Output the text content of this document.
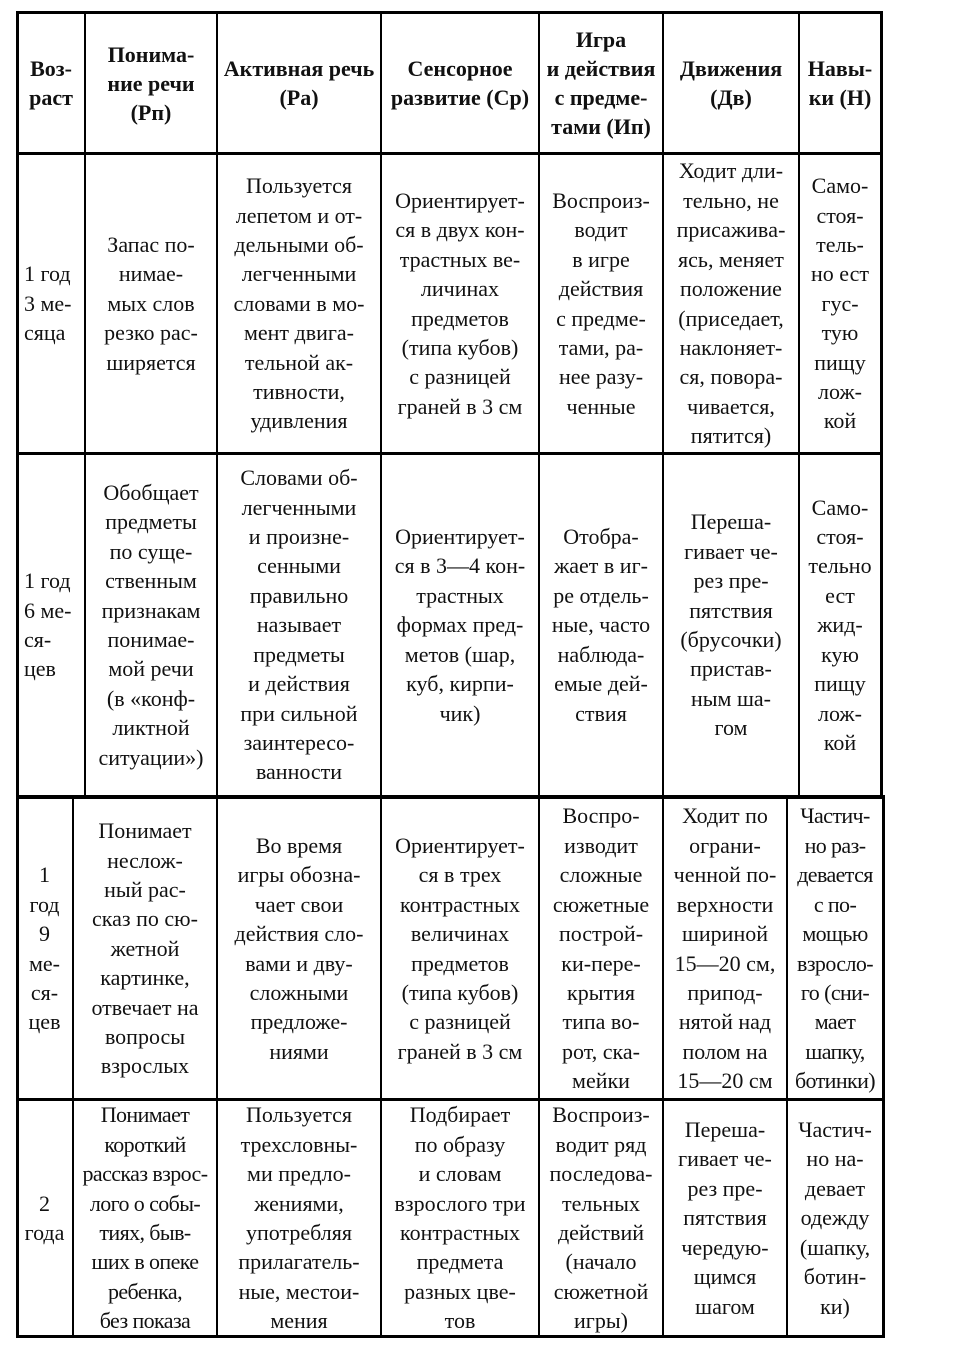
Воз-
раст
Понима-
ние речи
(Рп)
Активная речь
(Ра)
Сенсорное
развитие (Ср)
Игра
и действия
с предме-
тами (Ип)
Движения
(Дв)
Навы-
ки (Н)
1 год
3 ме-
сяца
Запас по-
нимае-
мых слов
резко рас-
ширяется
Пользуется
лепетом и от-
дельными об-
легченными
словами в мо-
мент двига-
тельной ак-
тивности,
удивления
Ориентирует-
ся в двух кон-
трастных ве-
личинах
предметов
(типа кубов)
с разницей
граней в 3 см
Воспроиз-
водит
в игре
действия
с предме-
тами, ра-
нее разу-
ченные
Ходит дли-
тельно, не
присаживa-
ясь, меняет
положение
(приседает,
наклоняет-
ся, повора-
чивается,
пятится)
Само-
стоя-
тель-
но ест
гус-
тую
пищу
лож-
кой
1 год
6 ме-
ся-
цев
Обобщает
предметы
по суще-
ственным
признакам
понимае-
мой речи
(в «конф-
ликтной
ситуации»)
Словами об-
легченными
и произне-
сенными
правильно
называет
предметы
и действия
при сильной
заинтересо-
ванности
Ориентирует-
ся в 3—4 кон-
трастных
формах пред-
метов (шар,
куб, кирпи-
чик)
Отобра-
жает в иг-
ре отдель-
ные, часто
наблюда-
емые дей-
ствия
Переша-
гивает че-
рез пре-
пятствия
(брусочки)
пристав-
ным ша-
гом
Само-
стоя-
тельно
ест
жид-
кую
пищу
лож-
кой
1
год
9
ме-
ся-
цев
Понимает
неслож-
ный рас-
сказ по сю-
жетной
картинке,
отвечает на
вопросы
взрослых
Во время
игры обозна-
чает свои
действия сло-
вами и дву-
сложными
предложе-
ниями
Ориентирует-
ся в трех
контрастных
величинах
предметов
(типа кубов)
с разницей
граней в 3 см
Воспро-
изводит
сложные
сюжетные
построй-
ки-пере-
крытия
типа во-
рот, ска-
мейки
Ходит по
ограни-
ченной по-
верхности
шириной
15—20 см,
припод-
нятой над
полом на
15—20 см
Частич-
но раз-
девается
с по-
мощью
взросло-
го (сни-
мает
шапку,
ботинки)
2
года
Понимает
короткий
рассказ взрос-
лого о собы-
тиях, быв-
ших в опеке
ребенка,
без показа
Пользуется
трехсловны-
ми предло-
жениями,
употребляя
прилагатель-
ные, местои-
мения
Подбирает
по образу
и словам
взрослого три
контрастных
предмета
разных цве-
тов
Воспроиз-
водит ряд
последова-
тельных
действий
(начало
сюжетной
игры)
Переша-
гивает че-
рез пре-
пятствия
чередую-
щимся
шагом
Частич-
но на-
девает
одежду
(шапку,
ботин-
ки)
